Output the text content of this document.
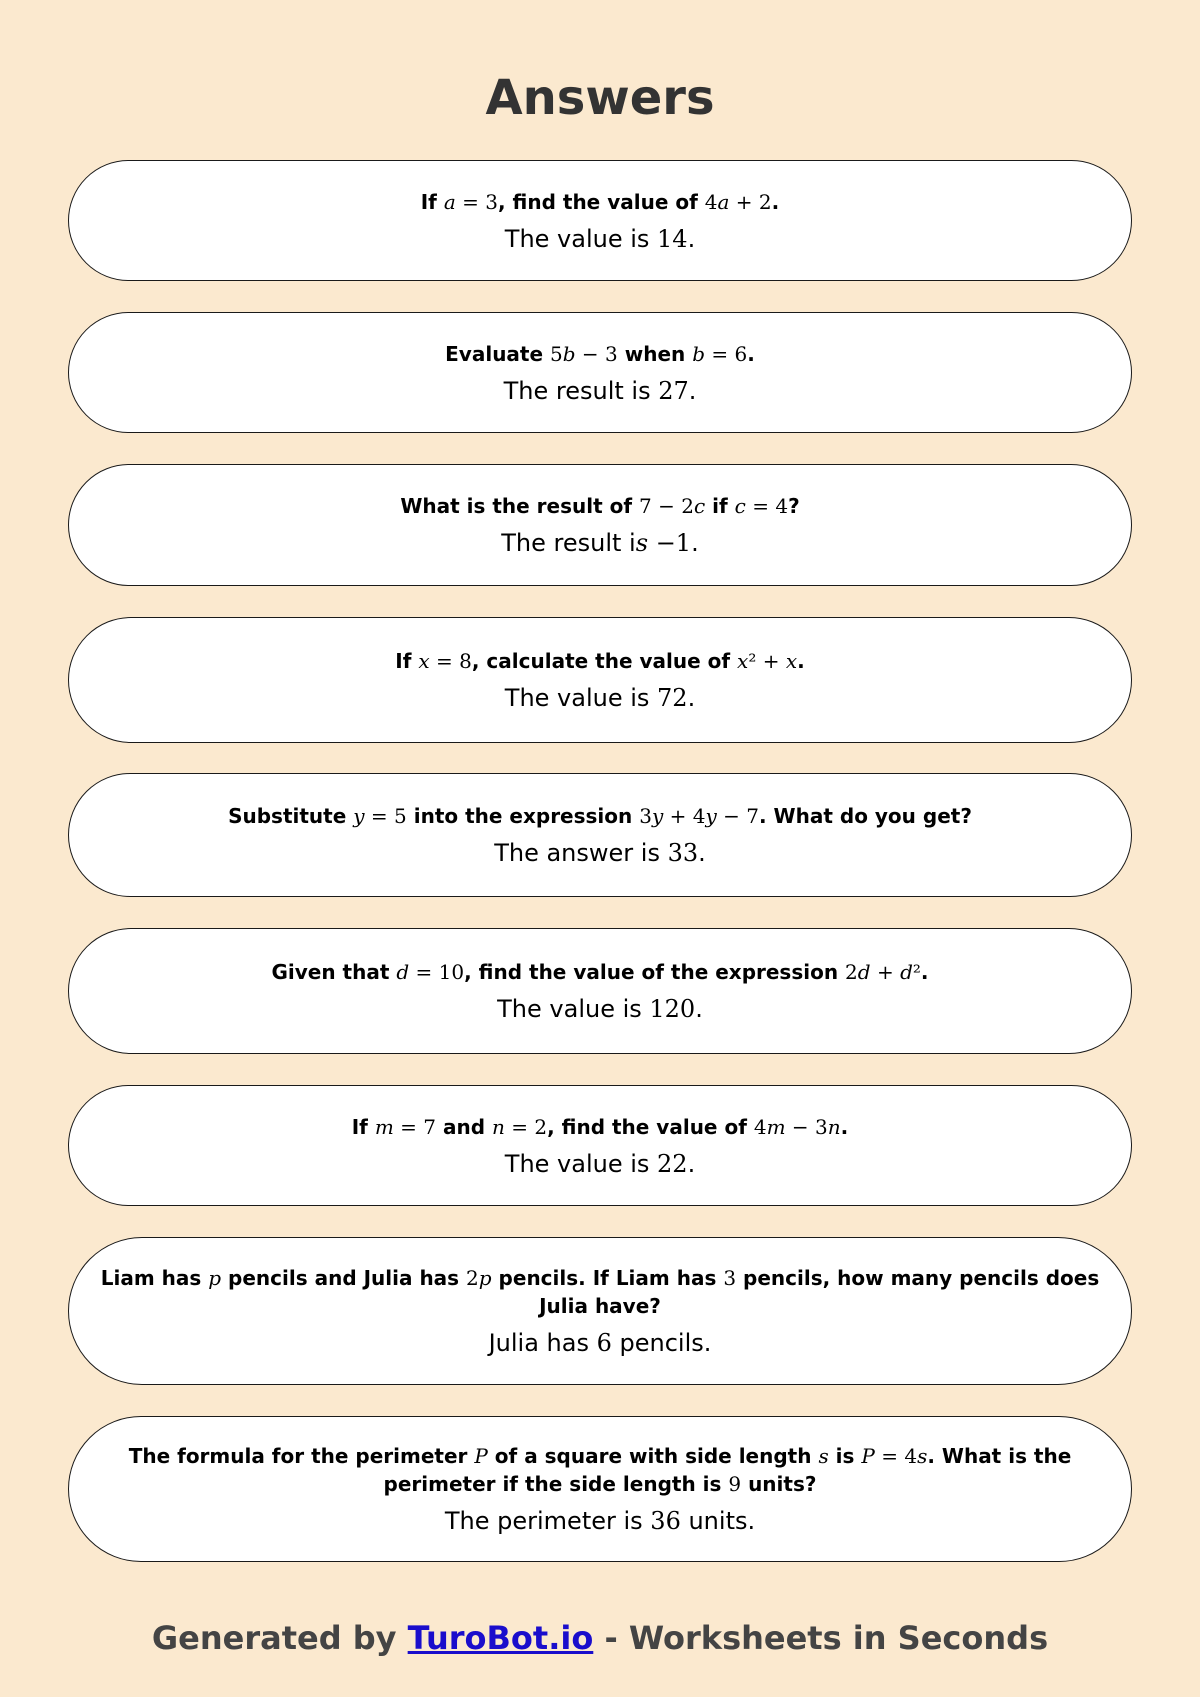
Answers
If a = 3, find the value of 4a + 2.
The value is 14.
Evaluate 5b − 3 when b = 6.
The result is 27.
What is the result of 7 − 2c if c = 4?
The result is −1.
If x = 8, calculate the value of x² + x.
The value is 72.
Substitute y = 5 into the expression 3y + 4y − 7. What do you get?
The answer is 33.
Given that d = 10, find the value of the expression 2d + d².
The value is 120.
If m = 7 and n = 2, find the value of 4m − 3n.
The value is 22.
Liam has p pencils and Julia has 2p pencils. If Liam has 3 pencils, how many pencils does Julia have?
Julia has 6 pencils.
The formula for the perimeter P of a square with side length s is P = 4s. What is the perimeter if the side length is 9 units?
The perimeter is 36 units.
Generated by TuroBot.io - Worksheets in Seconds
